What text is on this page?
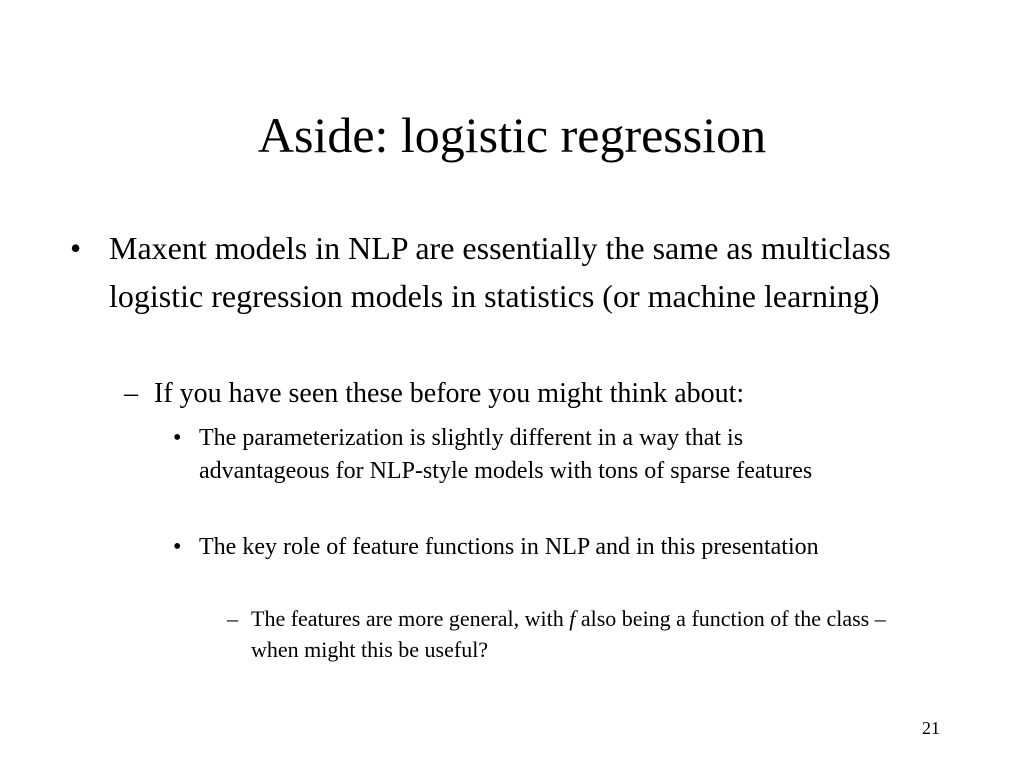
Aside: logistic regression
• Maxent models in NLP are essentially the same as multiclass logistic regression models in statistics (or machine learning)
– If you have seen these before you might think about:
• The parameterization is slightly different in a way that is advantageous for NLP-style models with tons of sparse features
• The key role of feature functions in NLP and in this presentation
– The features are more general, with f also being a function of the class – when might this be useful?
21
